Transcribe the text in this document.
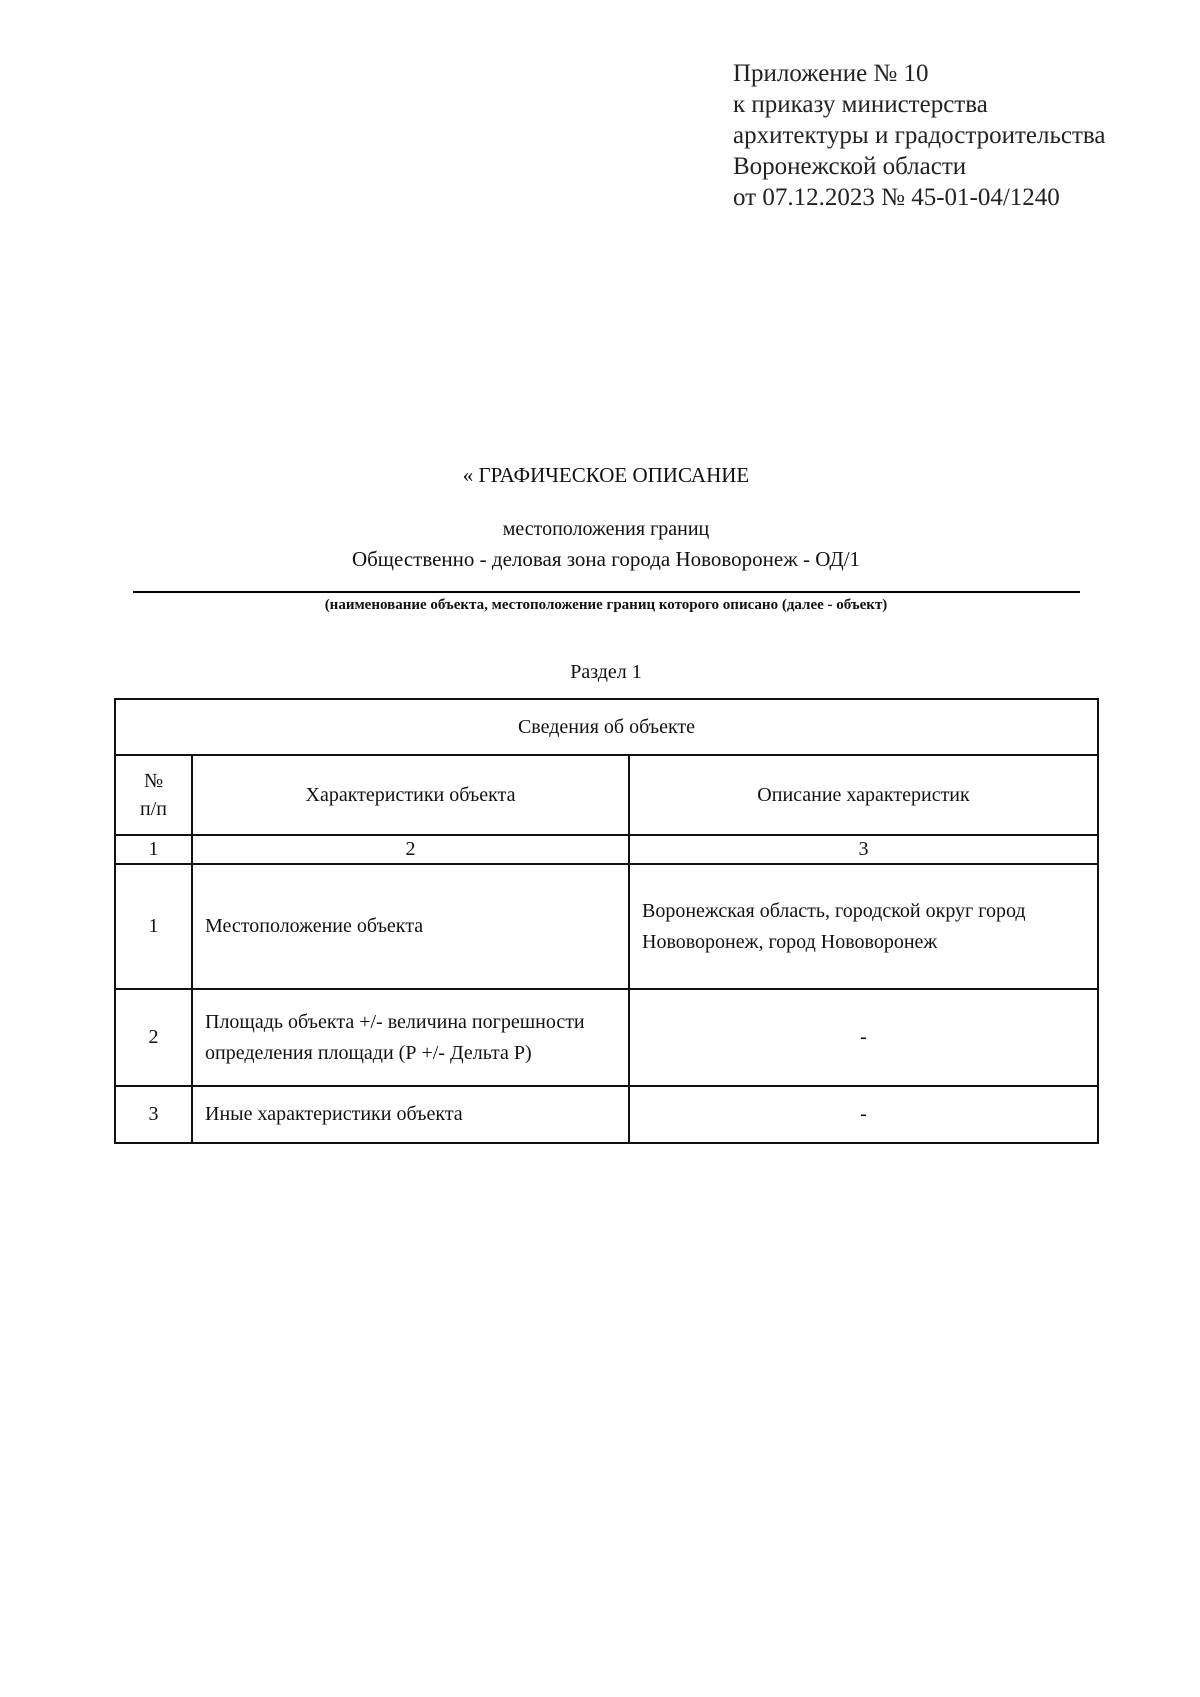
Приложение № 10
к приказу министерства
архитектуры и градостроительства
Воронежской области
от 07.12.2023 № 45-01-04/1240
« ГРАФИЧЕСКОЕ ОПИСАНИЕ
местоположения границ
Общественно - деловая зона города Нововоронеж - ОД/1
(наименование объекта, местоположение границ которого описано (далее - объект)
Раздел 1
Сведения об объекте		
№
п/п	Характеристики объекта	Описание характеристик
1	2	3
1	Местоположение объекта	Воронежская область, городской округ город Нововоронеж, город Нововоронеж
2	Площадь объекта +/- величина погрешности определения площади (Р +/- Дельта Р)	-
3	Иные характеристики объекта	-
